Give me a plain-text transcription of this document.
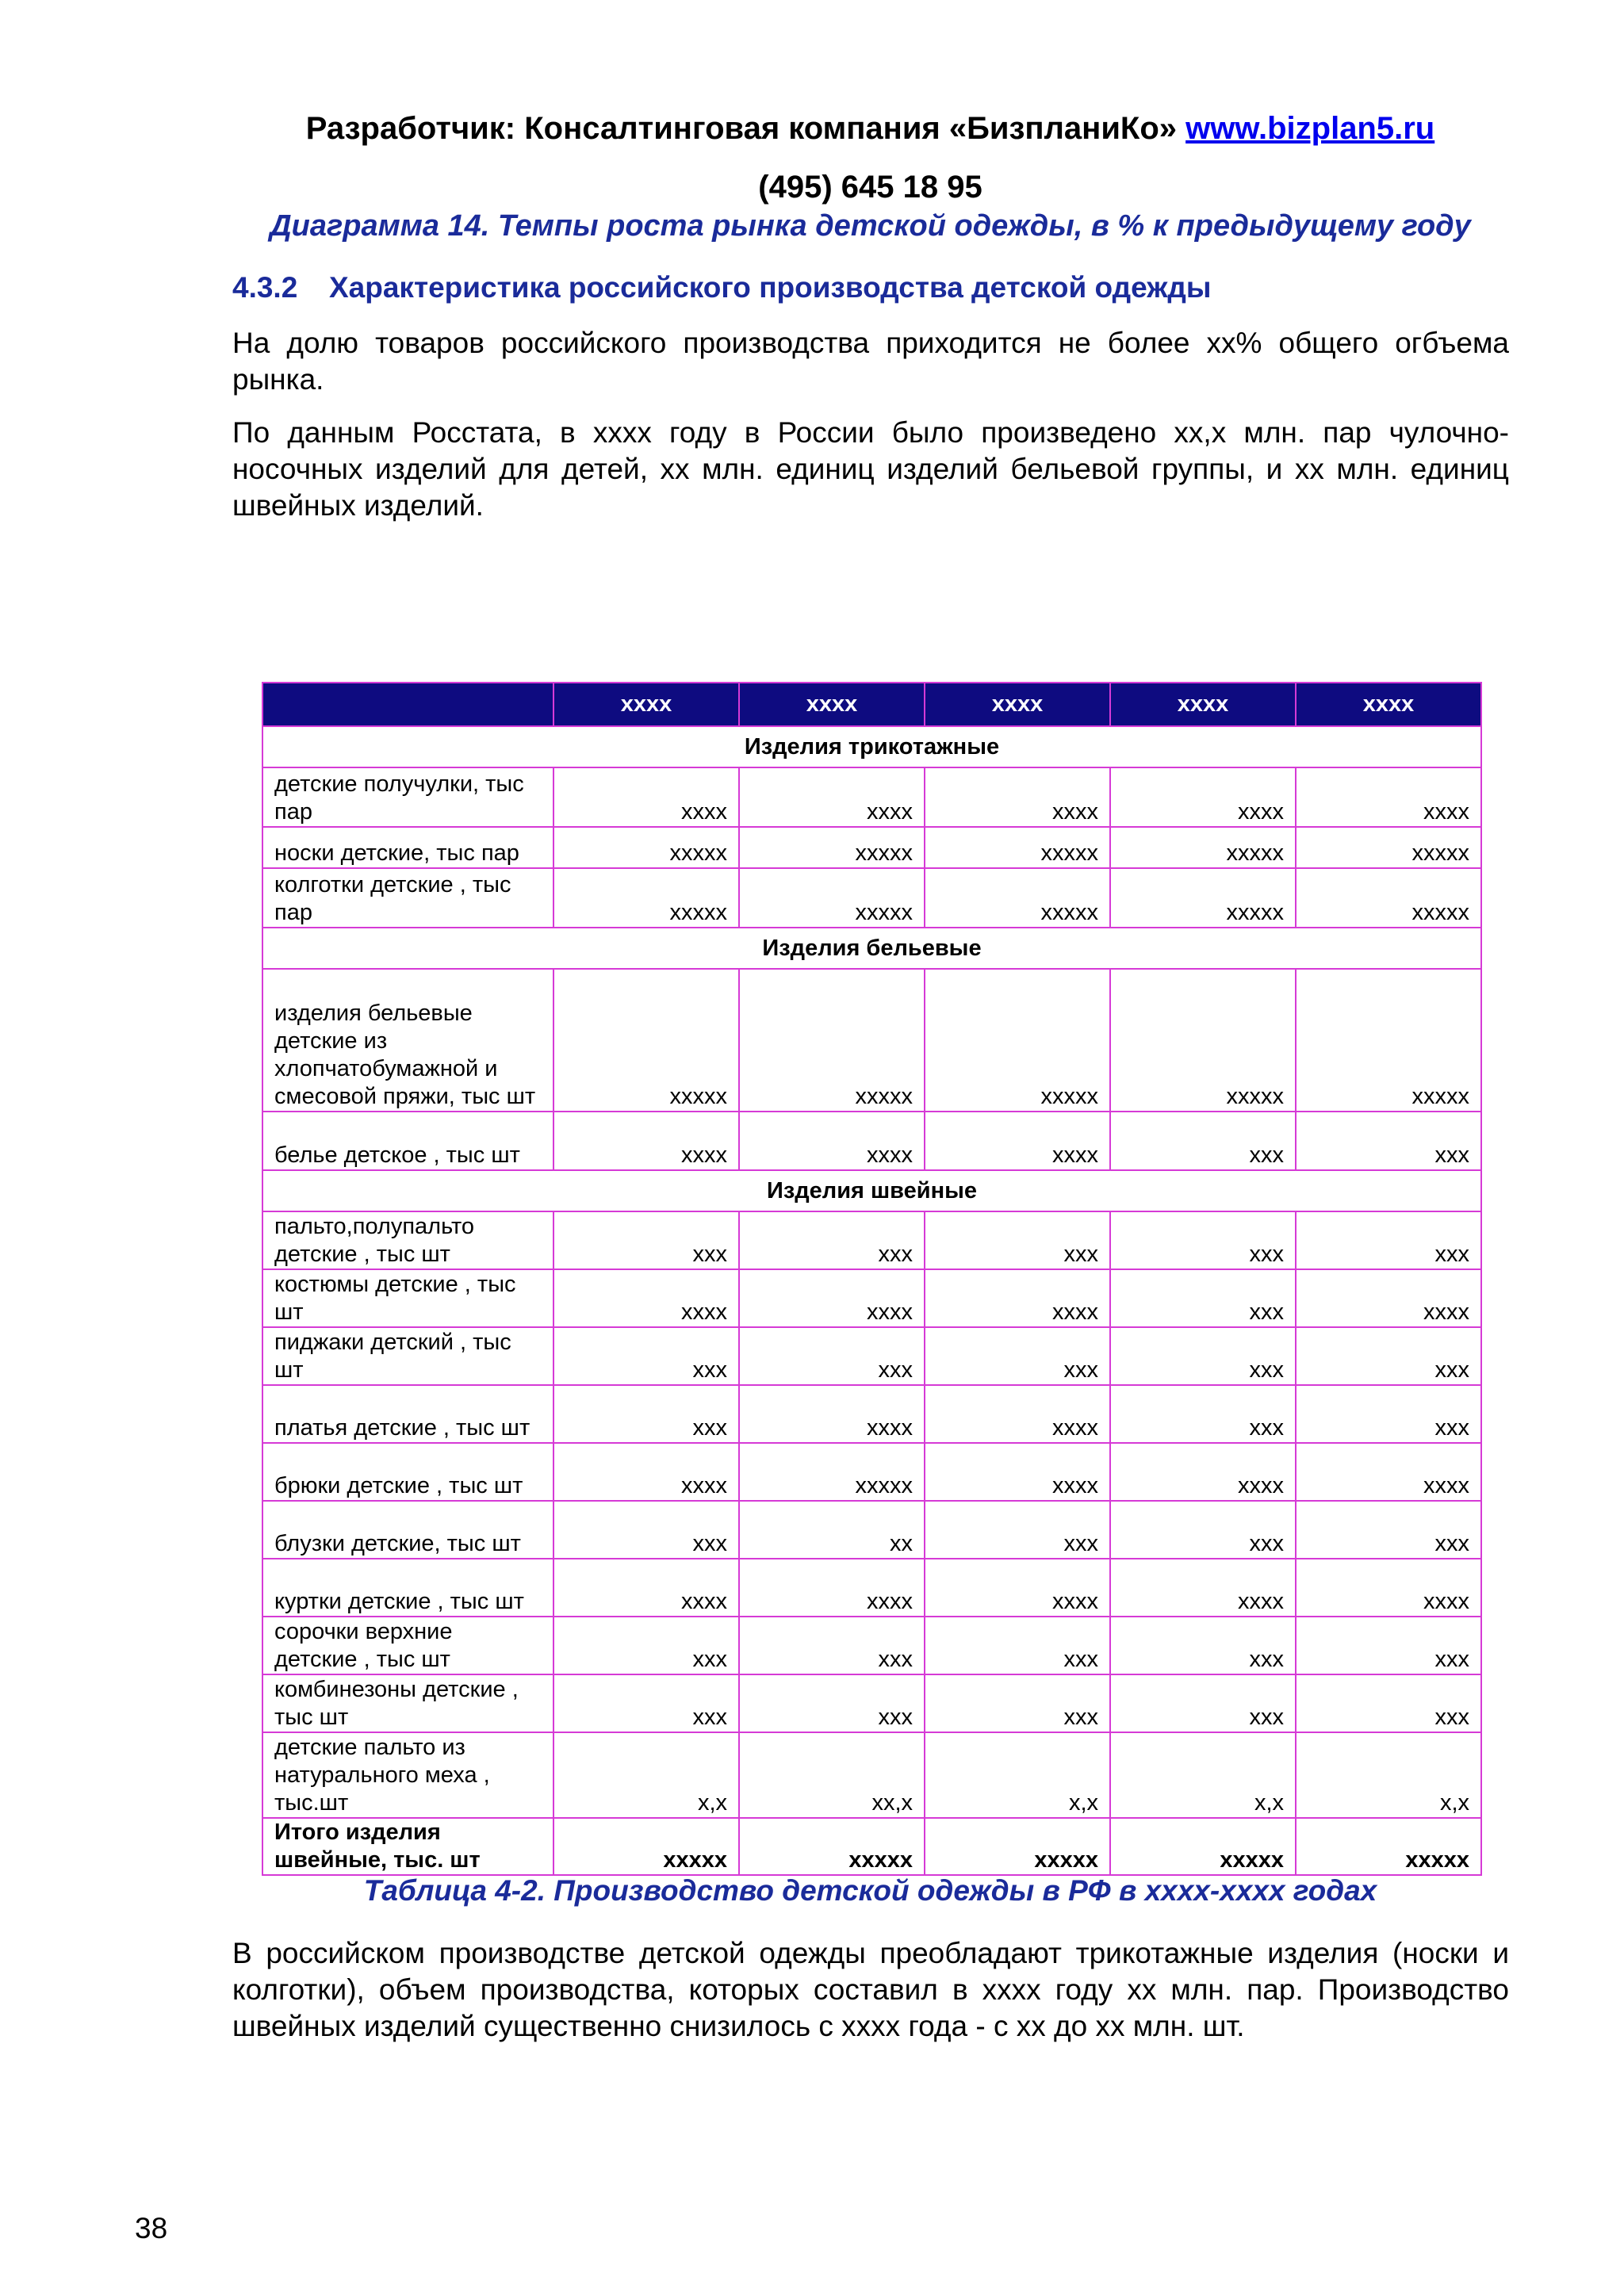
Разработчик: Консалтинговая компания «БизпланиКо» www.bizplan5.ru
(495) 645 18 95
Диаграмма 14. Темпы роста рынка детской одежды, в % к предыдущему году
4.3.2 Характеристика российского производства детской одежды
На долю товаров российского производства приходится не более хх% общего огбъема рынка.
По данным Росстата, в хххх году в России было произведено хх,х млн. пар чулочно-носочных изделий для детей, хх млн. единиц изделий бельевой группы, и хх млн. единиц швейных изделий.
	хххх	хххх	хххх	хххх	хххх
Изделия трикотажные					
детские получулки, тыс пар	хххх	хххх	хххх	хххх	хххх
носки детские, тыс пар	ххххх	ххххх	ххххх	ххххх	ххххх
колготки детские , тыс пар	ххххх	ххххх	ххххх	ххххх	ххххх
Изделия бельевые					
изделия бельевые детские из хлопчатобумажной и смесовой пряжи, тыс шт	ххххх	ххххх	ххххх	ххххх	ххххх
белье детское , тыс шт	хххх	хххх	хххх	ххх	ххх
Изделия швейные					
пальто,полупальто детские , тыс шт	ххх	ххх	ххх	ххх	ххх
костюмы детские , тыс шт	хххх	хххх	хххх	ххх	хххх
пиджаки детский , тыс шт	ххх	ххх	ххх	ххх	ххх
платья детские , тыс шт	ххх	хххх	хххх	ххх	ххх
брюки детские , тыс шт	хххх	ххххх	хххх	хххх	хххх
блузки детские, тыс шт	ххх	хх	ххх	ххх	ххх
куртки детские , тыс шт	хххх	хххх	хххх	хххх	хххх
сорочки верхние детские , тыс шт	ххх	ххх	ххх	ххх	ххх
комбинезоны детские , тыс шт	ххх	ххх	ххх	ххх	ххх
детские пальто из натурального меха , тыс.шт	х,х	хх,х	х,х	х,х	х,х
Итого изделия швейные, тыс. шт	ххххх	ххххх	ххххх	ххххх	ххххх
Таблица 4-2. Производство детской одежды в РФ в хххх-хххх годах
В российском производстве детской одежды преобладают трикотажные изделия (носки и колготки), объем производства, которых составил в хххх году хх млн. пар. Производство швейных изделий существенно снизилось с хххх года - с хх до хх млн. шт.
38
